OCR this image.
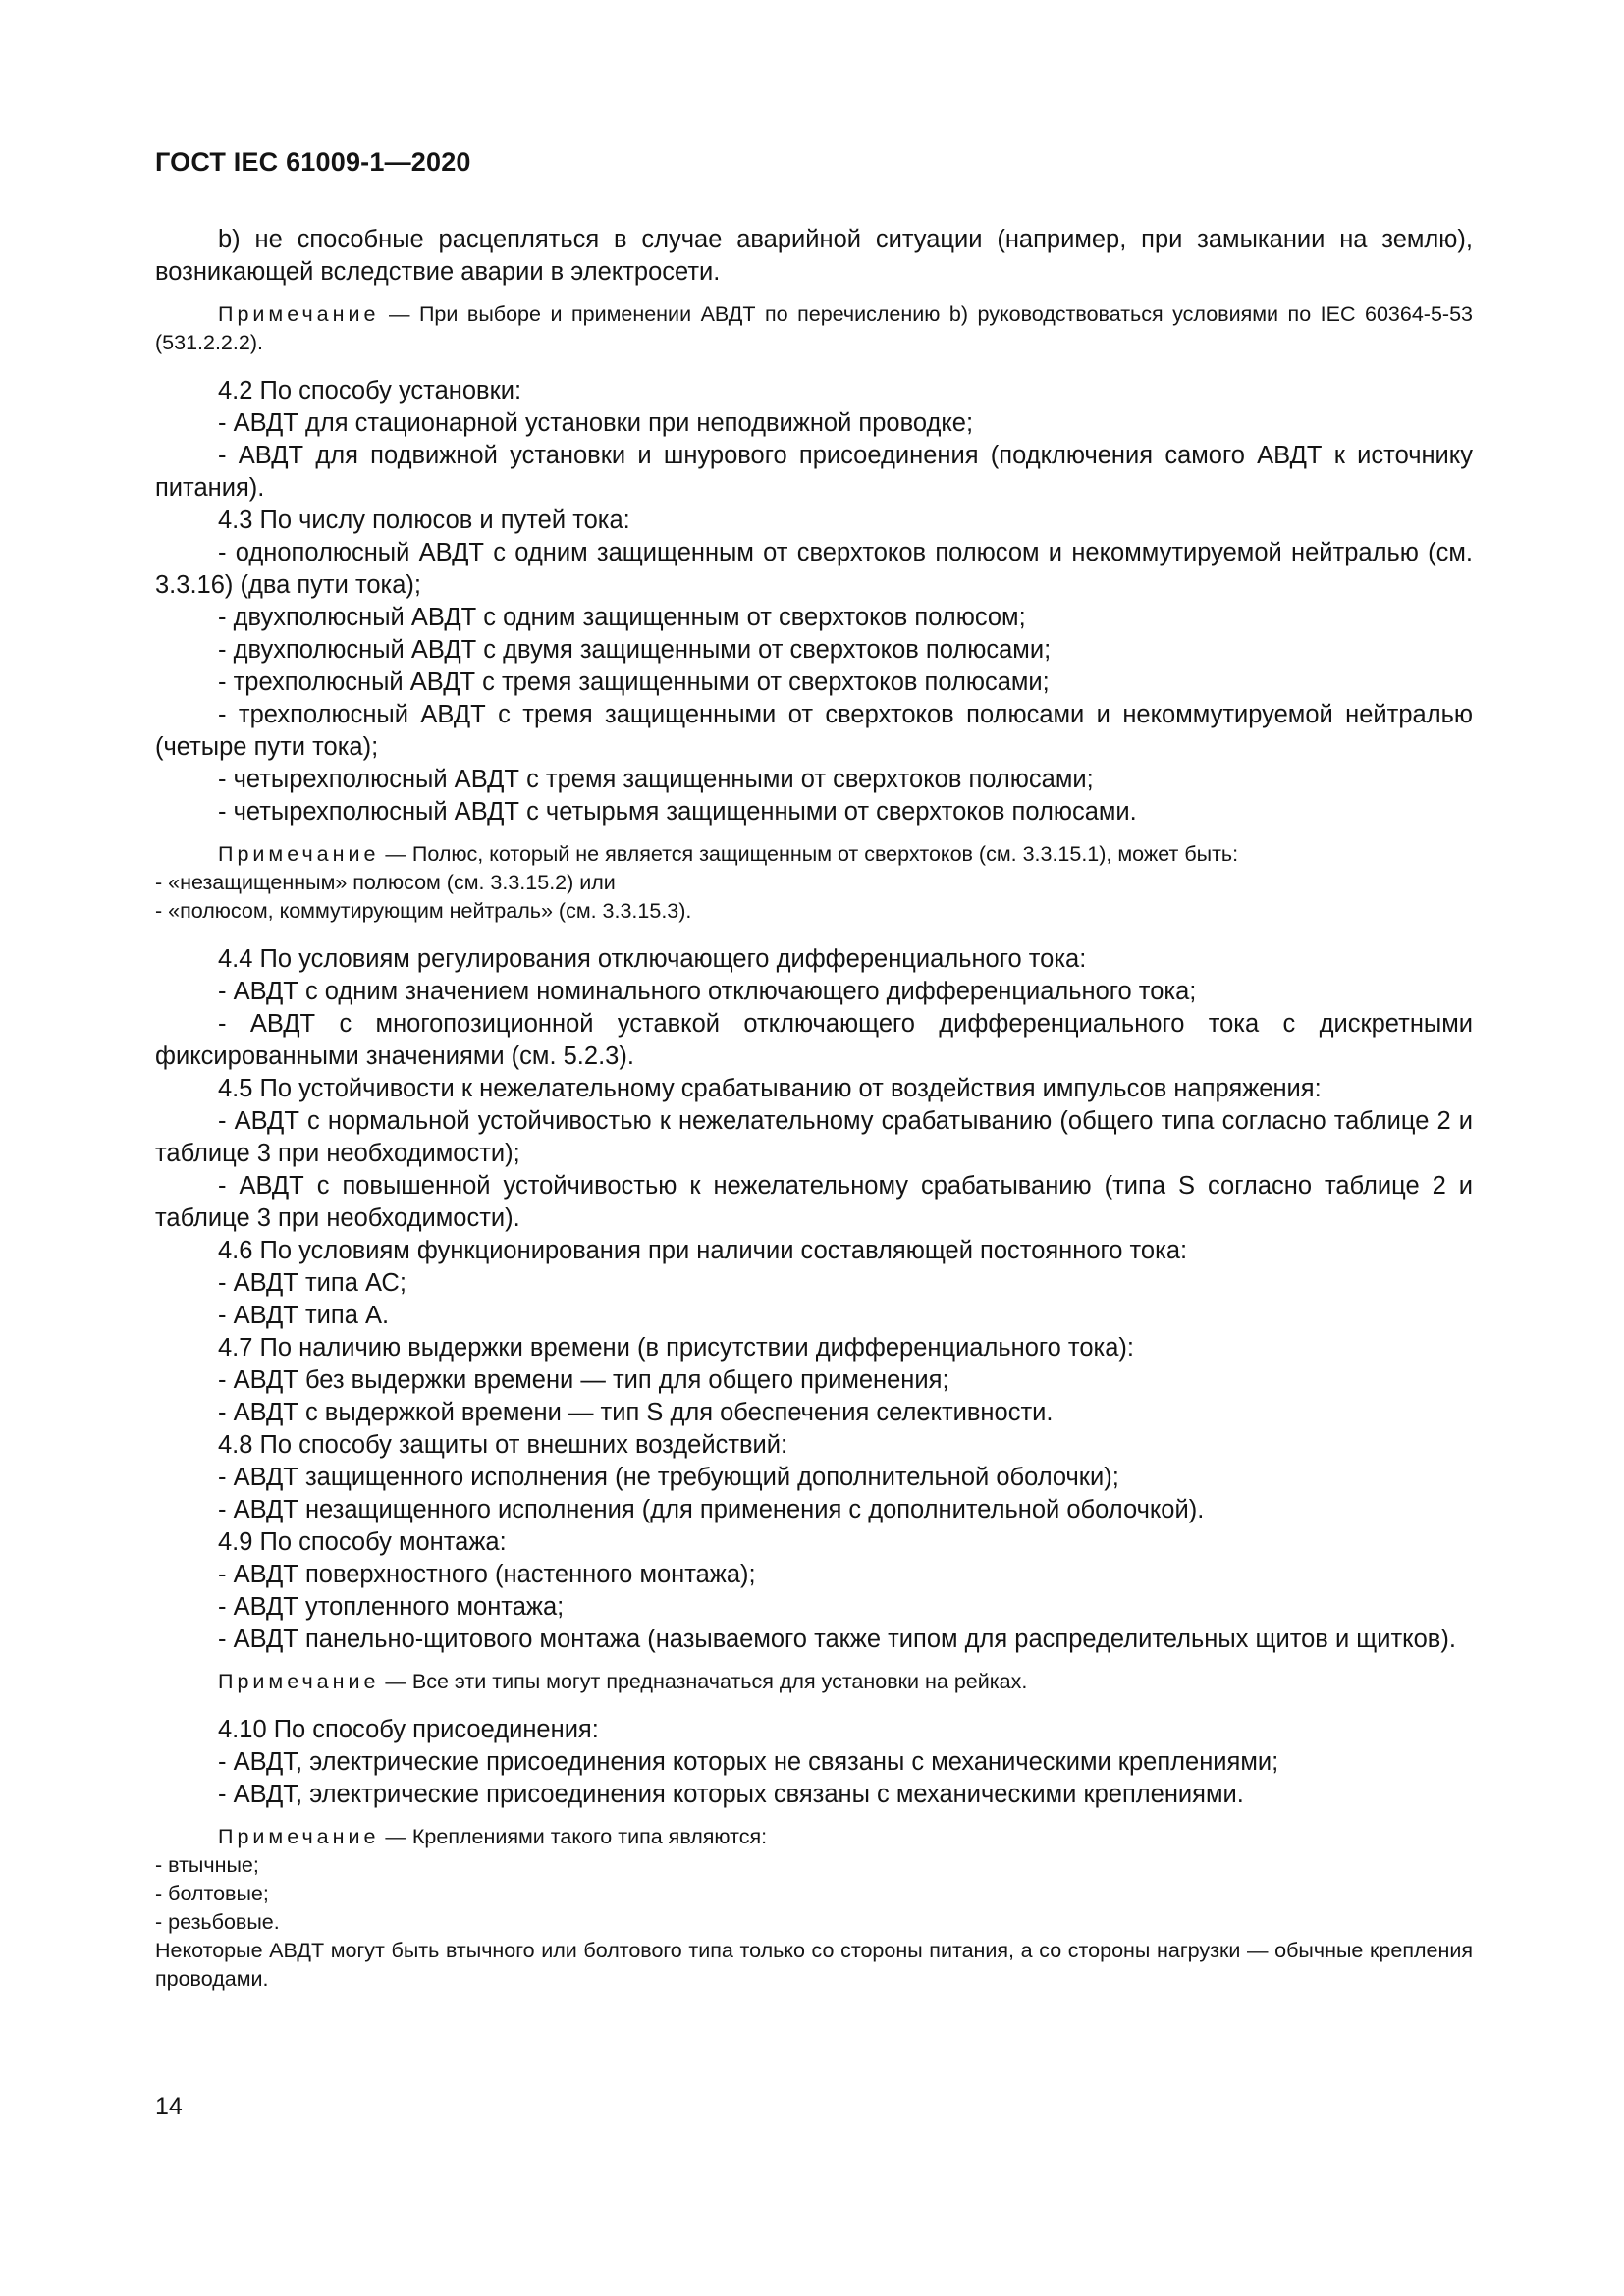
ГОСТ IEC 61009-1—2020

b) не способные расцепляться в случае аварийной ситуации (например, при замыкании на землю), возникающей вследствие аварии в электросети.

Примечание — При выборе и применении АВДТ по перечислению b) руководствоваться условиями по IEC 60364-5-53 (531.2.2.2).

4.2 По способу установки:

- АВДТ для стационарной установки при неподвижной проводке;

- АВДТ для подвижной установки и шнурового присоединения (подключения самого АВДТ к источнику питания).

4.3 По числу полюсов и путей тока:

- однополюсный АВДТ с одним защищенным от сверхтоков полюсом и некоммутируемой нейтралью (см. 3.3.16) (два пути тока);

- двухполюсный АВДТ с одним защищенным от сверхтоков полюсом;

- двухполюсный АВДТ с двумя защищенными от сверхтоков полюсами;

- трехполюсный АВДТ с тремя защищенными от сверхтоков полюсами;

- трехполюсный АВДТ с тремя защищенными от сверхтоков полюсами и некоммутируемой нейтралью (четыре пути тока);

- четырехполюсный АВДТ с тремя защищенными от сверхтоков полюсами;

- четырехполюсный АВДТ с четырьмя защищенными от сверхтоков полюсами.

Примечание — Полюс, который не является защищенным от сверхтоков (см. 3.3.15.1), может быть:

- «незащищенным» полюсом (см. 3.3.15.2) или

- «полюсом, коммутирующим нейтраль» (см. 3.3.15.3).

4.4 По условиям регулирования отключающего дифференциального тока:

- АВДТ с одним значением номинального отключающего дифференциального тока;

- АВДТ с многопозиционной уставкой отключающего дифференциального тока с дискретными фиксированными значениями (см. 5.2.3).

4.5 По устойчивости к нежелательному срабатыванию от воздействия импульсов напряжения:

- АВДТ с нормальной устойчивостью к нежелательному срабатыванию (общего типа согласно таблице 2 и таблице 3 при необходимости);

- АВДТ с повышенной устойчивостью к нежелательному срабатыванию (типа S согласно таблице 2 и таблице 3 при необходимости).

4.6 По условиям функционирования при наличии составляющей постоянного тока:

- АВДТ типа АС;

- АВДТ типа А.

4.7 По наличию выдержки времени (в присутствии дифференциального тока):

- АВДТ без выдержки времени — тип для общего применения;

- АВДТ с выдержкой времени — тип S для обеспечения селективности.

4.8 По способу защиты от внешних воздействий:

- АВДТ защищенного исполнения (не требующий дополнительной оболочки);

- АВДТ незащищенного исполнения (для применения с дополнительной оболочкой).

4.9 По способу монтажа:

- АВДТ поверхностного (настенного монтажа);

- АВДТ утопленного монтажа;

- АВДТ панельно-щитового монтажа (называемого также типом для распределительных щитов и щитков).

Примечание — Все эти типы могут предназначаться для установки на рейках.

4.10 По способу присоединения:

- АВДТ, электрические присоединения которых не связаны с механическими креплениями;

- АВДТ, электрические присоединения которых связаны с механическими креплениями.

Примечание — Креплениями такого типа являются:

- втычные;

- болтовые;

- резьбовые.

Некоторые АВДТ могут быть втычного или болтового типа только со стороны питания, а со стороны нагрузки — обычные крепления проводами.

14
